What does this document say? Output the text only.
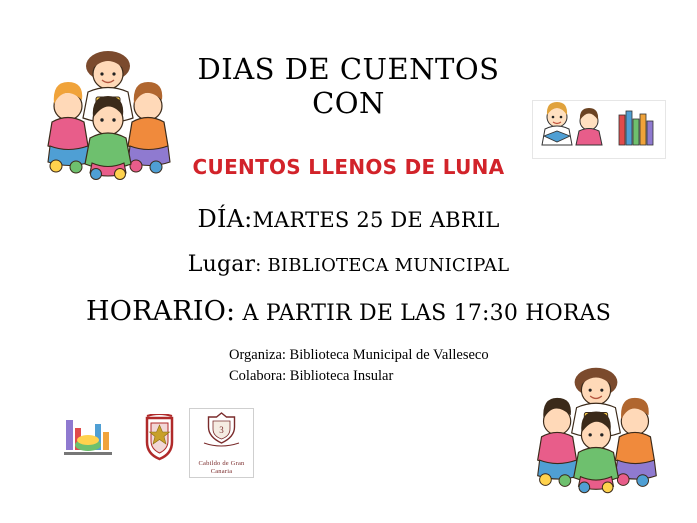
DIAS DE CUENTOS
CON
CUENTOS LLENOS DE LUNA
DÍA:MARTES 25 DE ABRIL
Lugar: BIBLIOTECA MUNICIPAL
HORARIO: A PARTIR DE LAS 17:30 HORAS
Organiza: Biblioteca Municipal de Valleseco
Colabora: Biblioteca Insular
3
Cabildo de Gran Canaria
